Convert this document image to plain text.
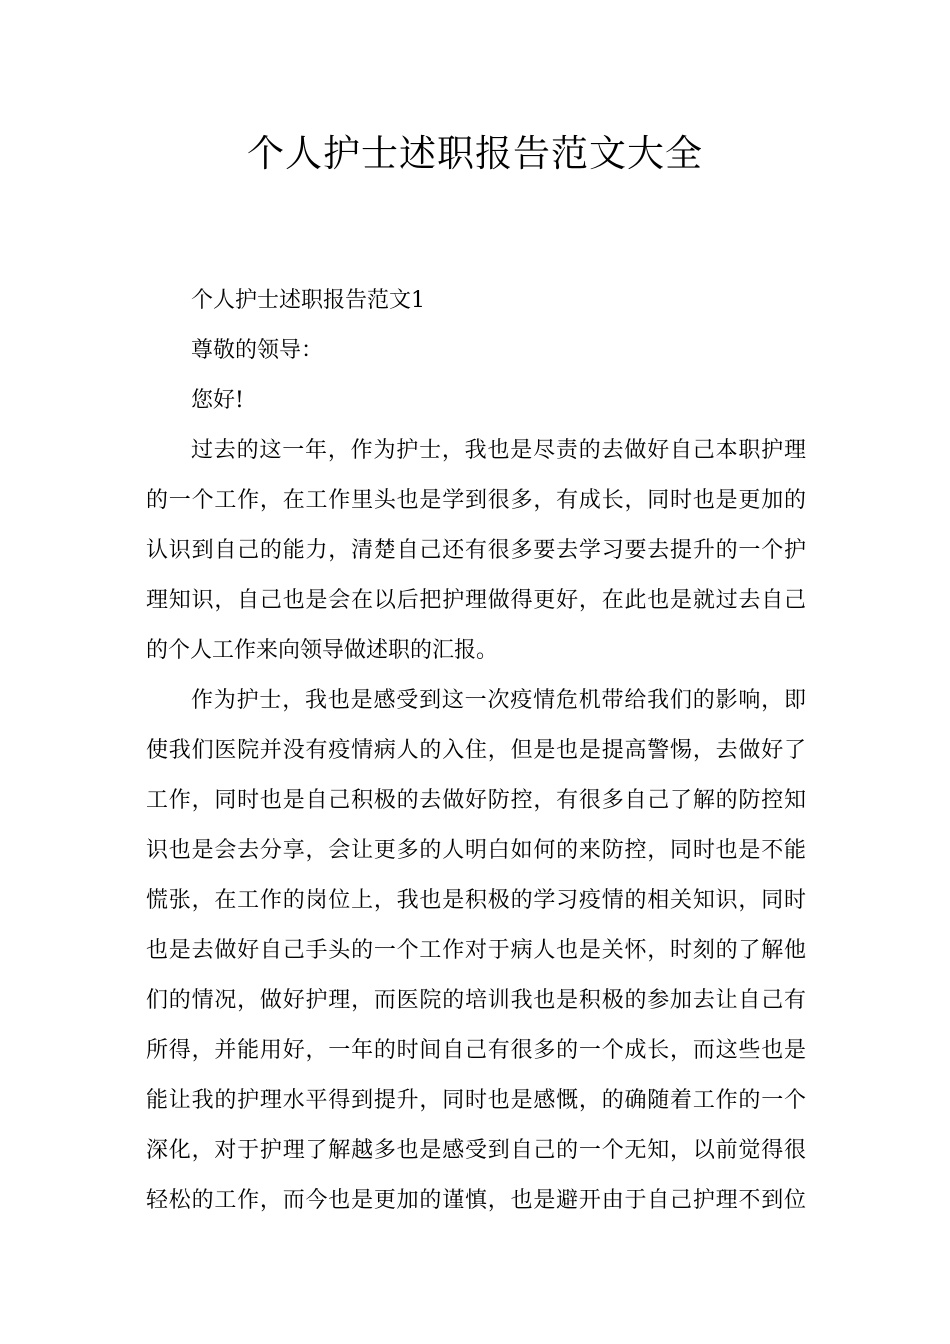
个人护士述职报告范文大全

个人护士述职报告范文1

尊敬的领导：

您好!

过去的这一年，作为护士，我也是尽责的去做好自己本职护理

的一个工作，在工作里头也是学到很多，有成长，同时也是更加的

认识到自己的能力，清楚自己还有很多要去学习要去提升的一个护

理知识，自己也是会在以后把护理做得更好，在此也是就过去自己

的个人工作来向领导做述职的汇报。

作为护士，我也是感受到这一次疫情危机带给我们的影响，即

使我们医院并没有疫情病人的入住，但是也是提高警惕，去做好了

工作，同时也是自己积极的去做好防控，有很多自己了解的防控知

识也是会去分享，会让更多的人明白如何的来防控，同时也是不能

慌张，在工作的岗位上，我也是积极的学习疫情的相关知识，同时

也是去做好自己手头的一个工作对于病人也是关怀，时刻的了解他

们的情况，做好护理，而医院的培训我也是积极的参加去让自己有

所得，并能用好，一年的时间自己有很多的一个成长，而这些也是

能让我的护理水平得到提升，同时也是感慨，的确随着工作的一个

深化，对于护理了解越多也是感受到自己的一个无知，以前觉得很

轻松的工作，而今也是更加的谨慎，也是避开由于自己护理不到位
